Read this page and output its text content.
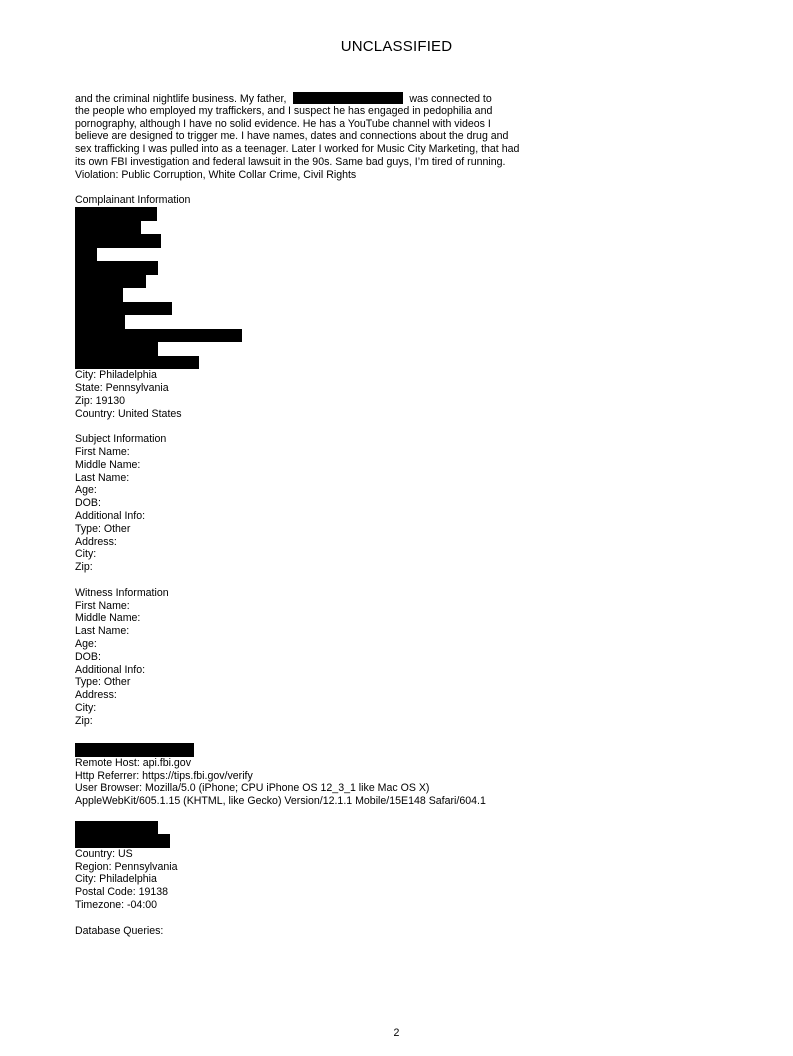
UNCLASSIFIED
and the criminal nightlife business. My father,	was connected to
the people who employed my traffickers, and I suspect he has engaged in pedophilia and
pornography, although I have no solid evidence. He has a YouTube channel with videos I
believe are designed to trigger me. I have names, dates and connections about the drug and
sex trafficking I was pulled into as a teenager. Later I worked for Music City Marketing, that had
its own FBI investigation and federal lawsuit in the 90s. Same bad guys, I’m tired of running.
Violation: Public Corruption, White Collar Crime, Civil Rights
Complainant Information
City: Philadelphia
State: Pennsylvania
Zip: 19130
Country: United States
Subject Information
First Name:
Middle Name:
Last Name:
Age:
DOB:
Additional Info:
Type: Other
Address:
City:
Zip:
Witness Information
First Name:
Middle Name:
Last Name:
Age:
DOB:
Additional Info:
Type: Other
Address:
City:
Zip:
Remote Host: api.fbi.gov
Http Referrer: https://tips.fbi.gov/verify
User Browser: Mozilla/5.0 (iPhone; CPU iPhone OS 12_3_1 like Mac OS X)
AppleWebKit/605.1.15 (KHTML, like Gecko) Version/12.1.1 Mobile/15E148 Safari/604.1
Country: US
Region: Pennsylvania
City: Philadelphia
Postal Code: 19138
Timezone: -04:00
Database Queries:
2
